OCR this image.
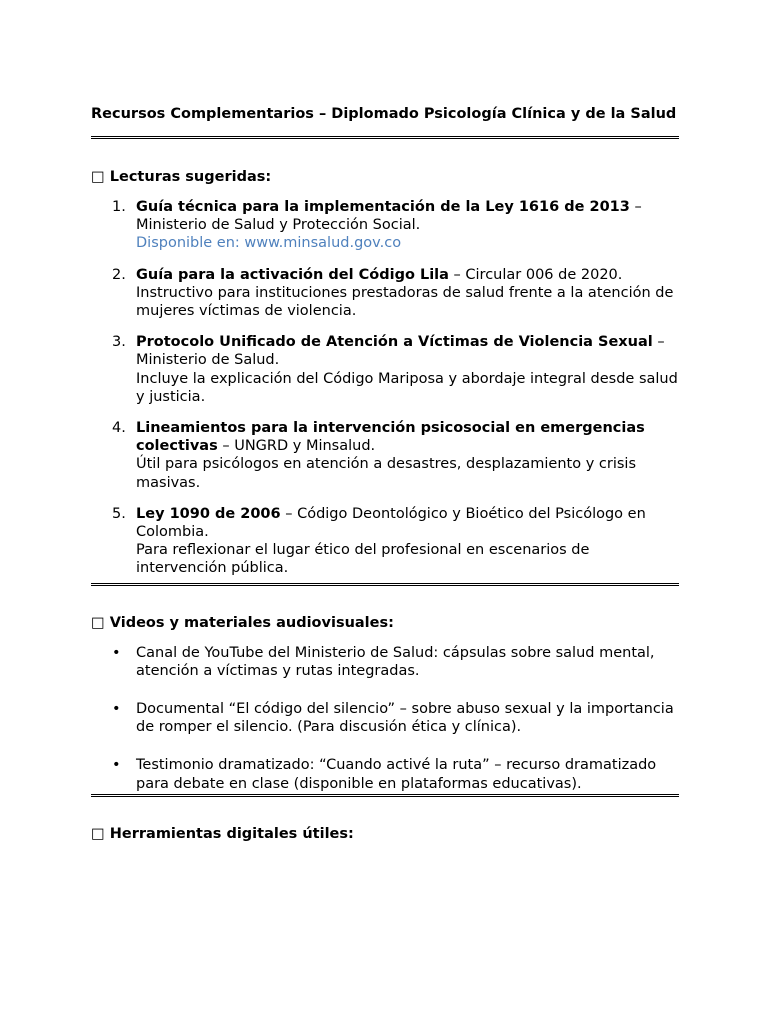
Recursos Complementarios – Diplomado Psicología Clínica y de la Salud
□ Lecturas sugeridas:
1. Guía técnica para la implementación de la Ley 1616 de 2013 –
Ministerio de Salud y Protección Social.
Disponible en: www.minsalud.gov.co
2. Guía para la activación del Código Lila – Circular 006 de 2020.
Instructivo para instituciones prestadoras de salud frente a la atención de mujeres víctimas de violencia.
3. Protocolo Unificado de Atención a Víctimas de Violencia Sexual – Ministerio de Salud.
Incluye la explicación del Código Mariposa y abordaje integral desde salud y justicia.
4. Lineamientos para la intervención psicosocial en emergencias colectivas – UNGRD y Minsalud.
Útil para psicólogos en atención a desastres, desplazamiento y crisis masivas.
5. Ley 1090 de 2006 – Código Deontológico y Bioético del Psicólogo en Colombia.
Para reflexionar el lugar ético del profesional en escenarios de intervención pública.
□ Videos y materiales audiovisuales:
• Canal de YouTube del Ministerio de Salud: cápsulas sobre salud mental, atención a víctimas y rutas integradas.
• Documental “El código del silencio” – sobre abuso sexual y la importancia de romper el silencio. (Para discusión ética y clínica).
• Testimonio dramatizado: “Cuando activé la ruta” – recurso dramatizado para debate en clase (disponible en plataformas educativas).
□ Herramientas digitales útiles:
